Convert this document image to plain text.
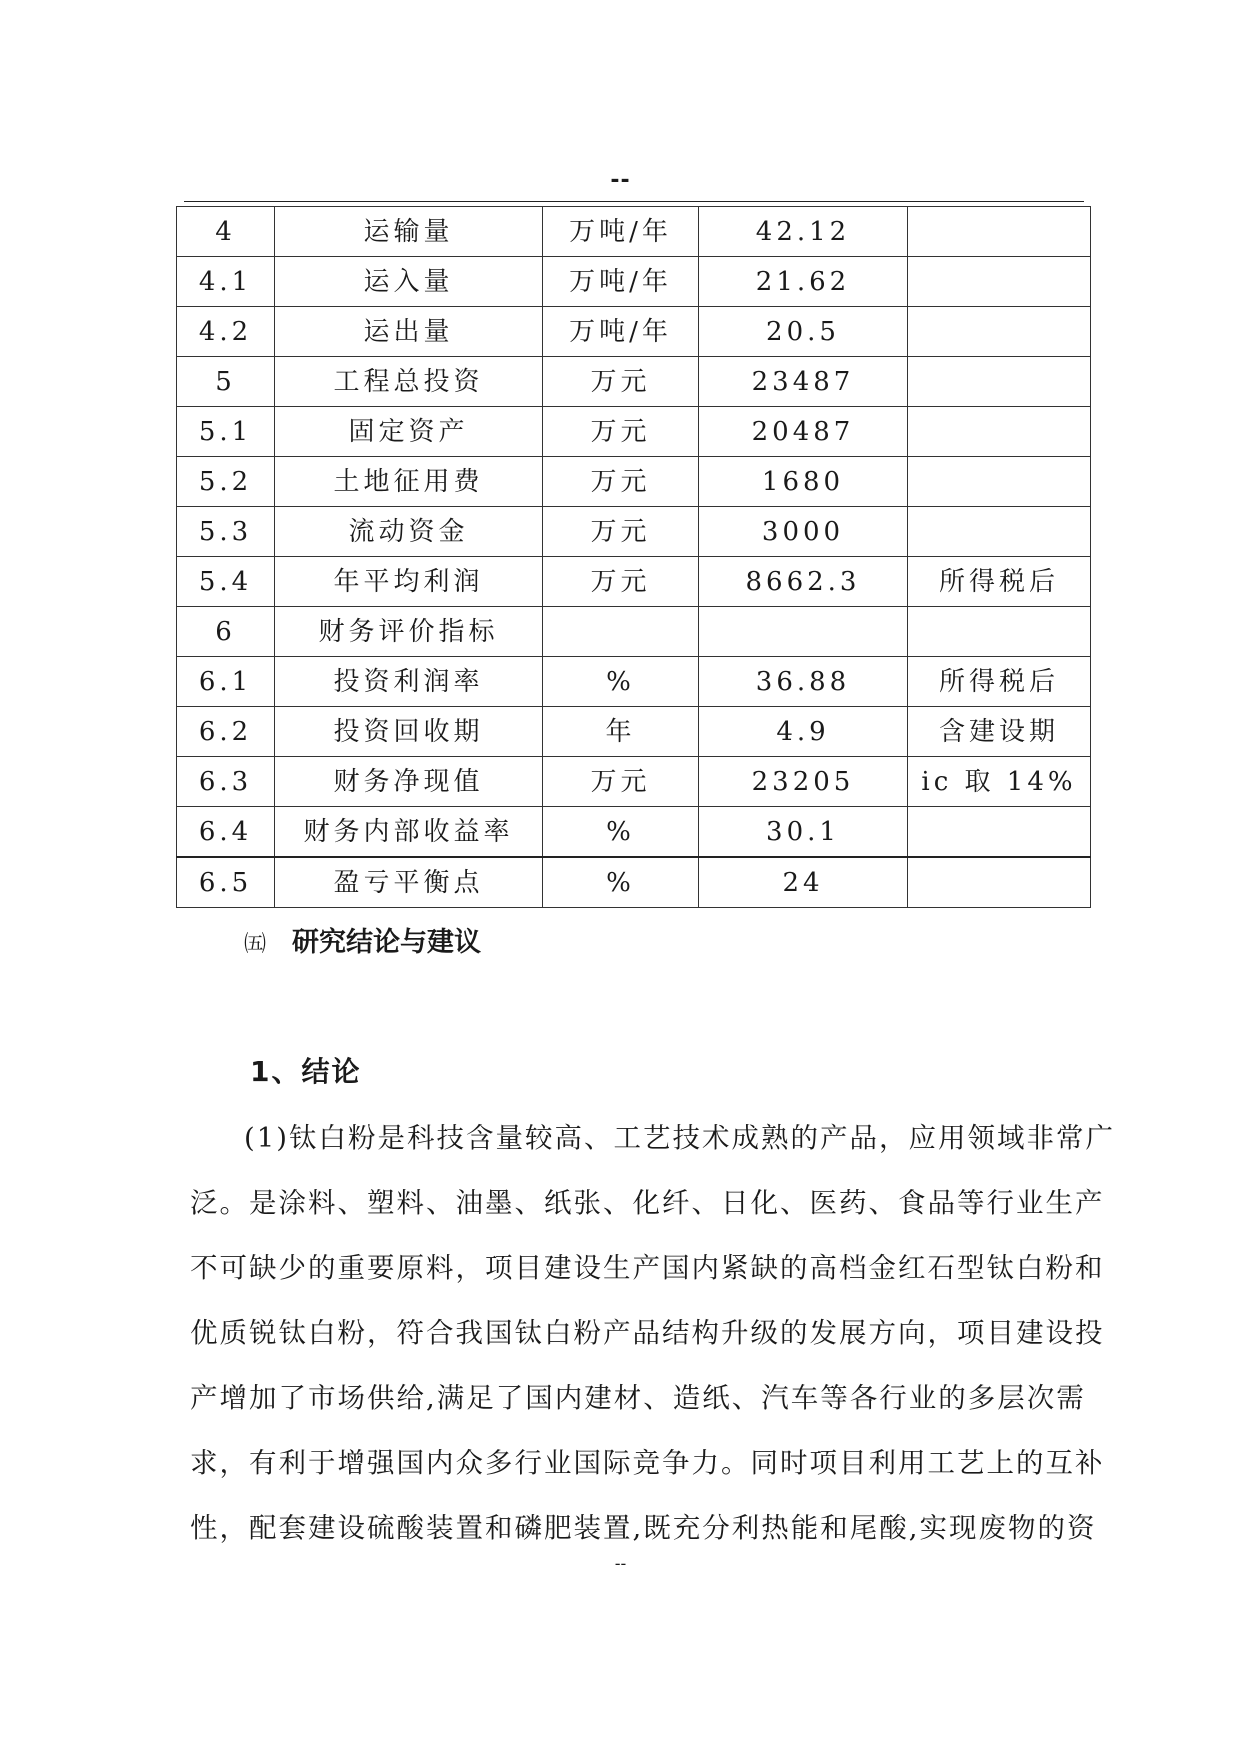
--
4	运输量	万吨/年	42.12	
4.1	运入量	万吨/年	21.62	
4.2	运出量	万吨/年	20.5	
5	工程总投资	万元	23487	
5.1	固定资产	万元	20487	
5.2	土地征用费	万元	1680	
5.3	流动资金	万元	3000	
5.4	年平均利润	万元	8662.3	所得税后
6	财务评价指标			
6.1	投资利润率	%	36.88	所得税后
6.2	投资回收期	年	4.9	含建设期
6.3	财务净现值	万元	23205	ic 取 14%
6.4	财务内部收益率	%	30.1	
6.5	盈亏平衡点	%	24	
㈤ 研究结论与建议
1、结论

(1)钛白粉是科技含量较高、工艺技术成熟的产品，应用领域非常广
泛。是涂料、塑料、油墨、纸张、化纤、日化、医药、食品等行业生产
不可缺少的重要原料，项目建设生产国内紧缺的高档金红石型钛白粉和
优质锐钛白粉，符合我国钛白粉产品结构升级的发展方向，项目建设投
产增加了市场供给,满足了国内建材、造纸、汽车等各行业的多层次需
求，有利于增强国内众多行业国际竞争力。同时项目利用工艺上的互补
性，配套建设硫酸装置和磷肥装置,既充分利热能和尾酸,实现废物的资

--
